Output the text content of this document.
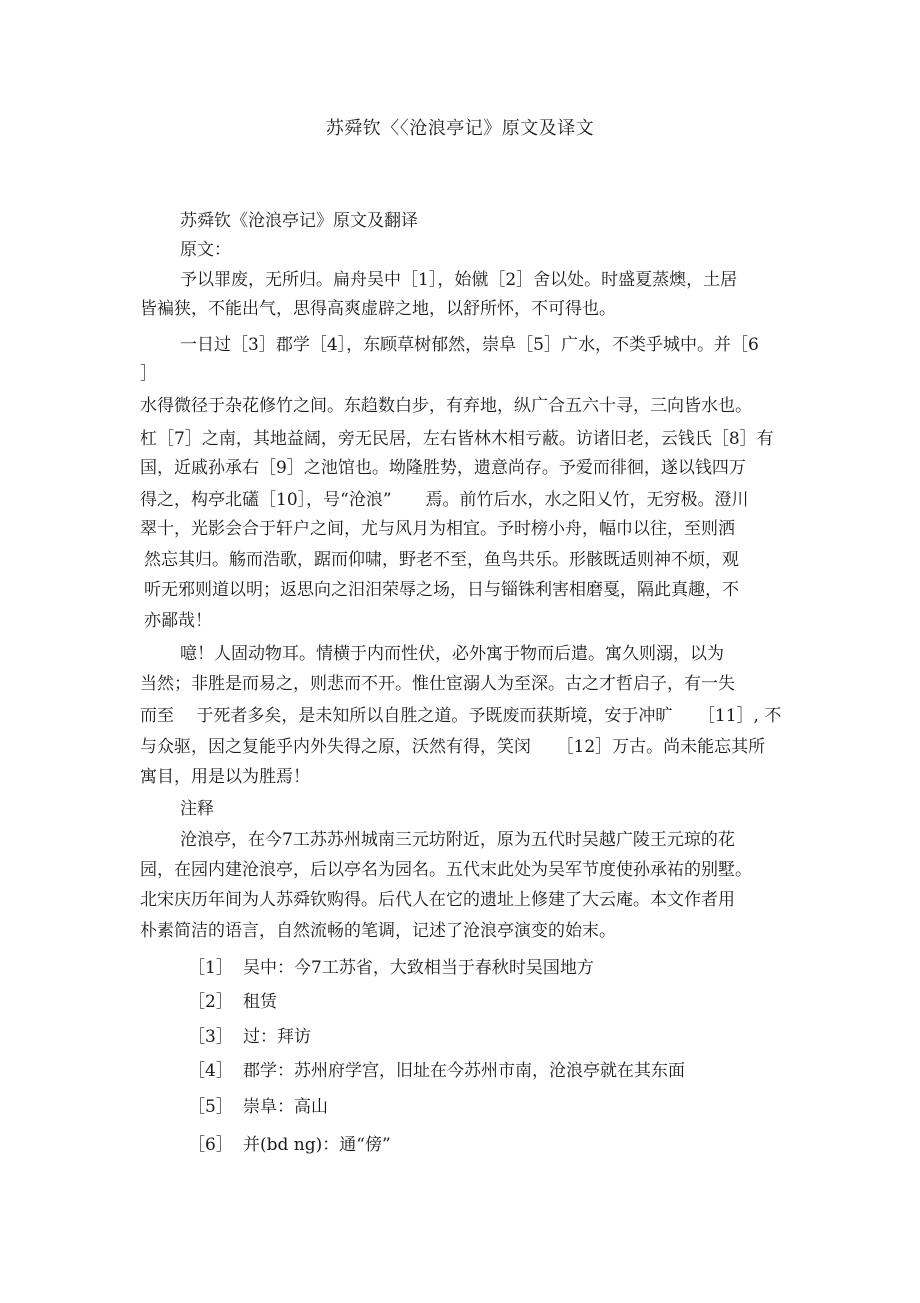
苏舜钦〈〈沧浪亭记》原文及译文

苏舜钦《沧浪亭记》原文及翻译

原文：

予以罪废，无所归。扁舟吴中［1］，始僦［2］舍以处。时盛夏蒸燠，土居

皆褊狭，不能出气，思得高爽虚辟之地，以舒所怀，不可得也。

一日过［3］郡学［4］，东顾草树郁然，崇阜［5］广水，不类乎城中。并［6

］

水得微径于杂花修竹之间。东趋数白步，有弃地，纵广合五六十寻，三向皆水也。

杠［7］之南，其地益阔，旁无民居，左右皆林木相亏蔽。访诸旧老，云钱氏［8］有

国，近戚孙承右［9］之池馆也。坳隆胜势，遗意尚存。予爱而徘徊，遂以钱四万

得之，构亭北礚［10］，号“沧浪”　　焉。前竹后水，水之阳乂竹，无穷极。澄川

翠十，光影会合于轩户之间，尤与风月为相宜。予时榜小舟，幅巾以往，至则洒

然忘其归。觞而浩歌，踞而仰啸，野老不至，鱼鸟共乐。形骸既适则神不烦，观

听无邪则道以明；返思向之汨汨荣辱之场，日与锱铢利害相磨戛，隔此真趣，不

亦鄙哉！

噫！人固动物耳。情横于内而性伏，必外寓于物而后遣。寓久则溺，以为

当然；非胜是而易之，则悲而不开。惟仕宦溺人为至深。古之才哲启子，有一失

而至　 于死者多矣，是未知所以自胜之道。予既废而获斯境，安于冲旷　　［11］, 不

与众驱，因之复能乎内外失得之原，沃然有得，笑闵　　［12］万古。尚未能忘其所

寓目，用是以为胜焉！

注释

沧浪亭，在今7工苏苏州城南三元坊附近，原为五代时吴越广陵王元琼的花

园，在园内建沧浪亭，后以亭名为园名。五代末此处为吴军节度使孙承祐的别墅。

北宋庆历年间为人苏舜钦购得。后代人在它的遗址上修建了大云庵。本文作者用

朴素简洁的语言，自然流畅的笔调，记述了沧浪亭演变的始末。

［1］ 吴中：今7工苏省，大致相当于春秋时吴国地方
［2］ 租赁
［3］ 过：拜访
［4］ 郡学：苏州府学宫，旧址在今苏州市南，沧浪亭就在其东面
［5］ 崇阜：高山
［6］ 并(bd ng)：通“傍”
